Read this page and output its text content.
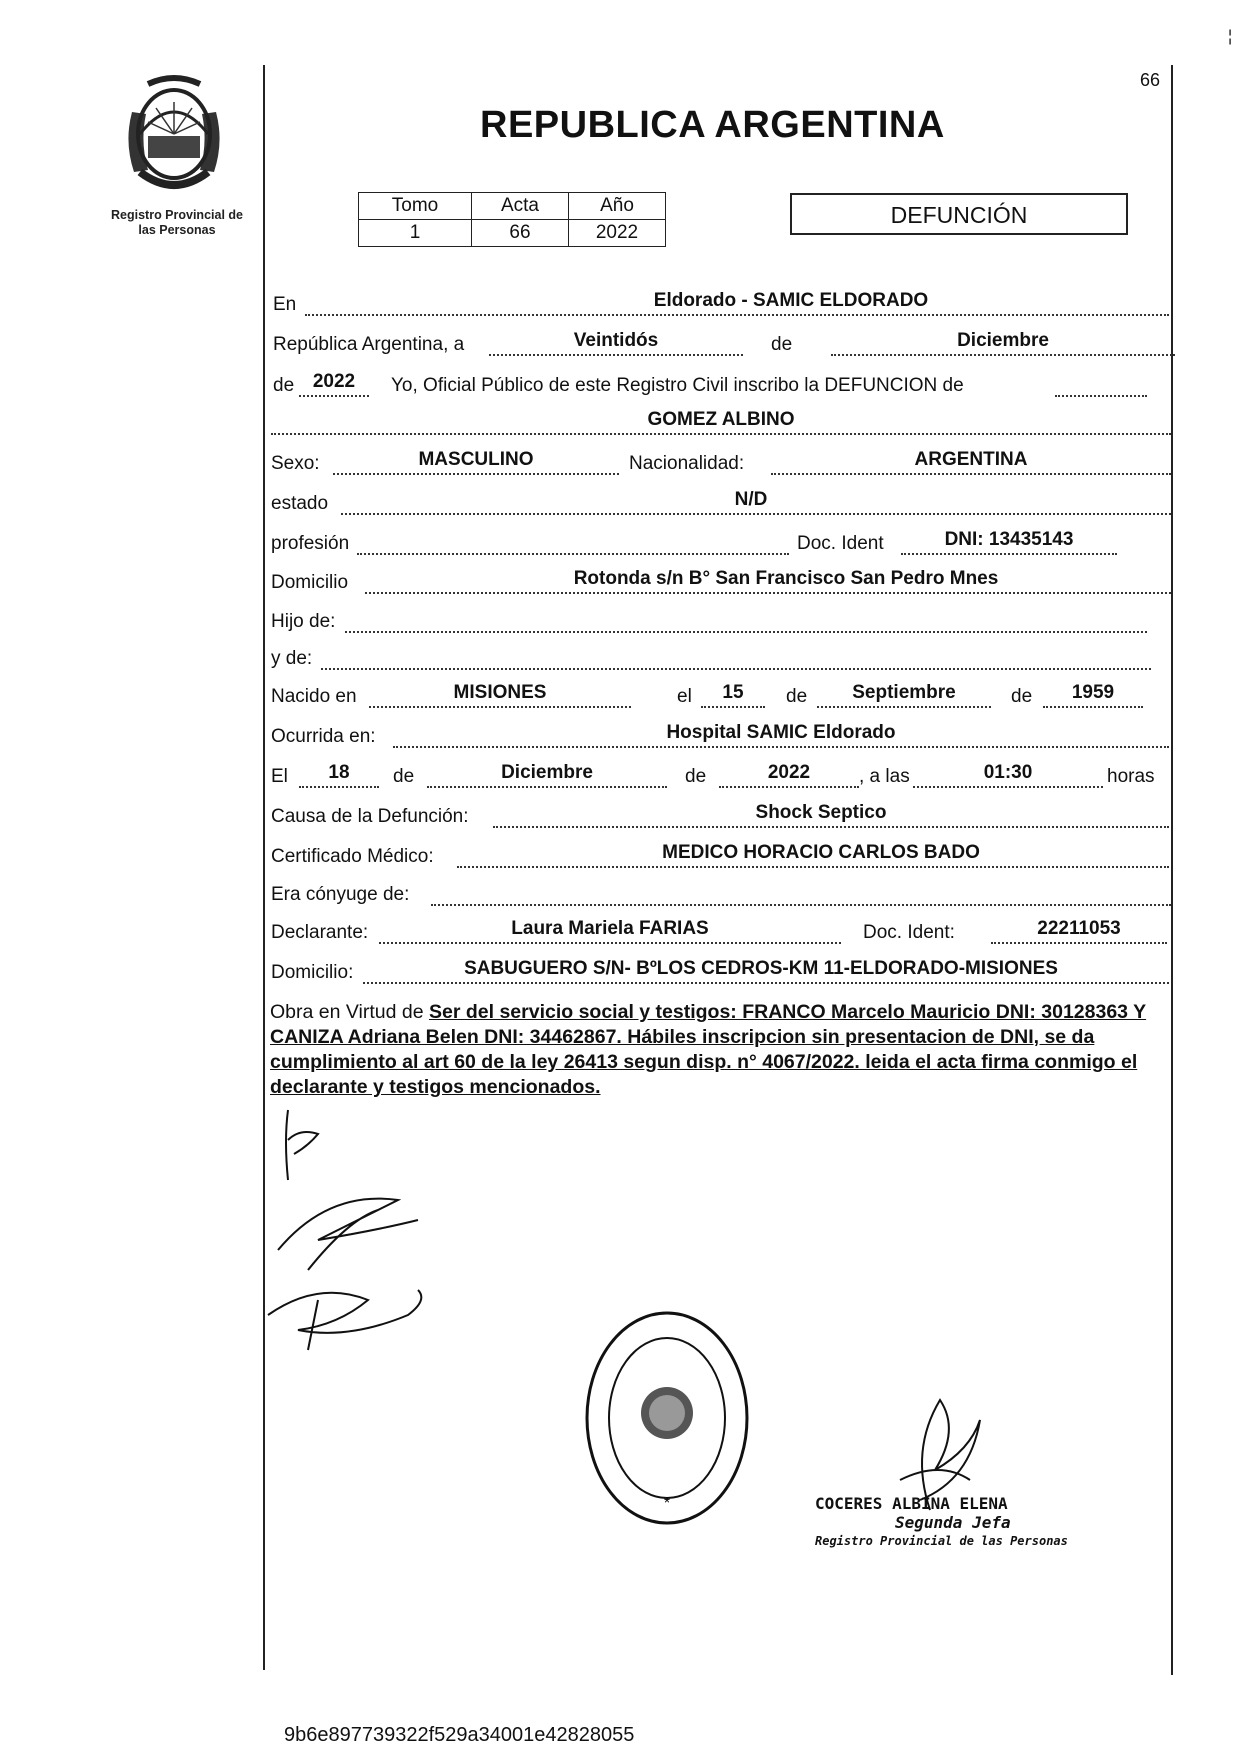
¦
Registro Provincial de
las Personas
66
REPUBLICA ARGENTINA
Tomo	Acta	Año
1	66	2022
DEFUNCIÓN
En	Eldorado - SAMIC ELDORADO
República Argentina, a	Veintidós	de	Diciembre
de 2022	Yo, Oficial Público de este Registro Civil inscribo la DEFUNCION de
GOMEZ ALBINO
Sexo:	MASCULINO	Nacionalidad:	ARGENTINA
estado	N/D
profesión	Doc. Ident	DNI: 13435143
Domicilio	Rotonda s/n B° San Francisco San Pedro Mnes
Hijo de:
y de:
Nacido en	MISIONES	el	15	de	Septiembre	de	1959
Ocurrida en:	Hospital SAMIC Eldorado
El	18	de	Diciembre	de	2022	, a las	01:30	horas
Causa de la Defunción:	Shock Septico
Certificado Médico:	MEDICO HORACIO CARLOS BADO
Era cónyuge de:
Declarante:	Laura Mariela FARIAS	Doc. Ident:	22211053
Domicilio:	SABUGUERO S/N- BºLOS CEDROS-KM 11-ELDORADO-MISIONES
Obra en Virtud de Ser del servicio social y testigos: FRANCO Marcelo Mauricio DNI: 30128363 Y CANIZA Adriana Belen DNI: 34462867. Hábiles inscripcion sin presentacion de DNI, se da cumplimiento al art 60 de la ley 26413 segun disp. n° 4067/2022. leida el acta firma conmigo el declarante y testigos mencionados.
*	COCERES ALBINA ELENA
Segunda Jefa
Registro Provincial de las Personas
9b6e897739322f529a34001e42828055
